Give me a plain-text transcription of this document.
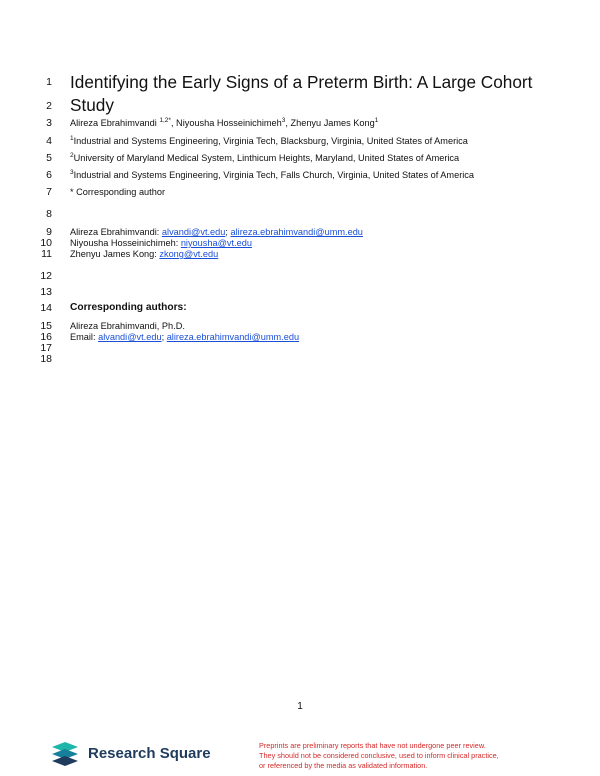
1
2
3
4
5
6
7
8
9
10
11
12
13
14
15
16
17
18
Identifying the Early Signs of a Preterm Birth: A Large Cohort
Study
Alireza Ebrahimvandi $^{1,2*}$, Niyousha Hosseinichimeh$^3$, Zhenyu James Kong$^1$
$^1$Industrial and Systems Engineering, Virginia Tech, Blacksburg, Virginia, United States of America
$^2$University of Maryland Medical System, Linthicum Heights, Maryland, United States of America
$^3$Industrial and Systems Engineering, Virginia Tech, Falls Church, Virginia, United States of America
* Corresponding author
Alireza Ebrahimvandi: alvandi@vt.edu; alireza.ebrahimvandi@umm.edu
Niyousha Hosseinichimeh: niyousha@vt.edu
Zhenyu James Kong: zkong@vt.edu
Corresponding authors:
Alireza Ebrahimvandi, Ph.D.
Email: alvandi@vt.edu; alireza.ebrahimvandi@umm.edu
1
Research Square	Preprints are preliminary reports that have not undergone peer review.
They should not be considered conclusive, used to inform clinical practice,
or referenced by the media as validated information.
